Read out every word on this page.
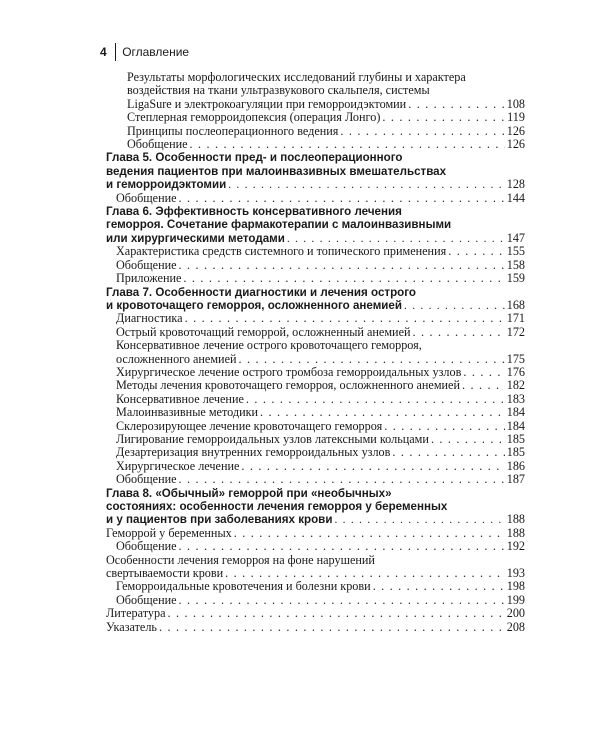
4 Оглавление
Результаты морфологических исследований глубины и характера
воздействия на ткани ультразвукового скальпеля, системы
LigaSure и электрокоагуляции при геморроидэктомии . . .	108
Степлерная геморроидопексия (операция Лонго) . . .	119
Принципы послеоперационного ведения . . .	126
Обобщение . . .	126
Глава 5. Особенности пред- и послеоперационного
ведения пациентов при малоинвазивных вмешательствах
и геморроидэктомии . . .	128
Обобщение . . .	144
Глава 6. Эффективность консервативного лечения
геморроя. Сочетание фармакотерапии с малоинвазивными
или хирургическими методами . . .	147
Характеристика средств системного и топического применения . . .	155
Обобщение . . .	158
Приложение . . .	159
Глава 7. Особенности диагностики и лечения острого
и кровоточащего геморроя, осложненного анемией . . .	168
Диагностика . . .	171
Острый кровоточащий геморрой, осложненный анемией . . .	172
Консервативное лечение острого кровоточащего геморроя,
осложненного анемией . . .	175
Хирургическое лечение острого тромбоза геморроидальных узлов . . .	176
Методы лечения кровоточащего геморроя, осложненного анемией . . .	182
Консервативное лечение . . .	183
Малоинвазивные методики . . .	184
Склерозирующее лечение кровоточащего геморроя . . .	184
Лигирование геморроидальных узлов латексными кольцами . . .	185
Дезартеризация внутренних геморроидальных узлов . . .	185
Хирургическое лечение . . .	186
Обобщение . . .	187
Глава 8. «Обычный» геморрой при «необычных»
состояниях: особенности лечения геморроя у беременных
и у пациентов при заболеваниях крови . . .	188
Геморрой у беременных . . .	188
Обобщение . . .	192
Особенности лечения геморроя на фоне нарушений
свертываемости крови . . .	193
Геморроидальные кровотечения и болезни крови . . .	198
Обобщение . . .	199
Литература . . .	200
Указатель . . .	208
